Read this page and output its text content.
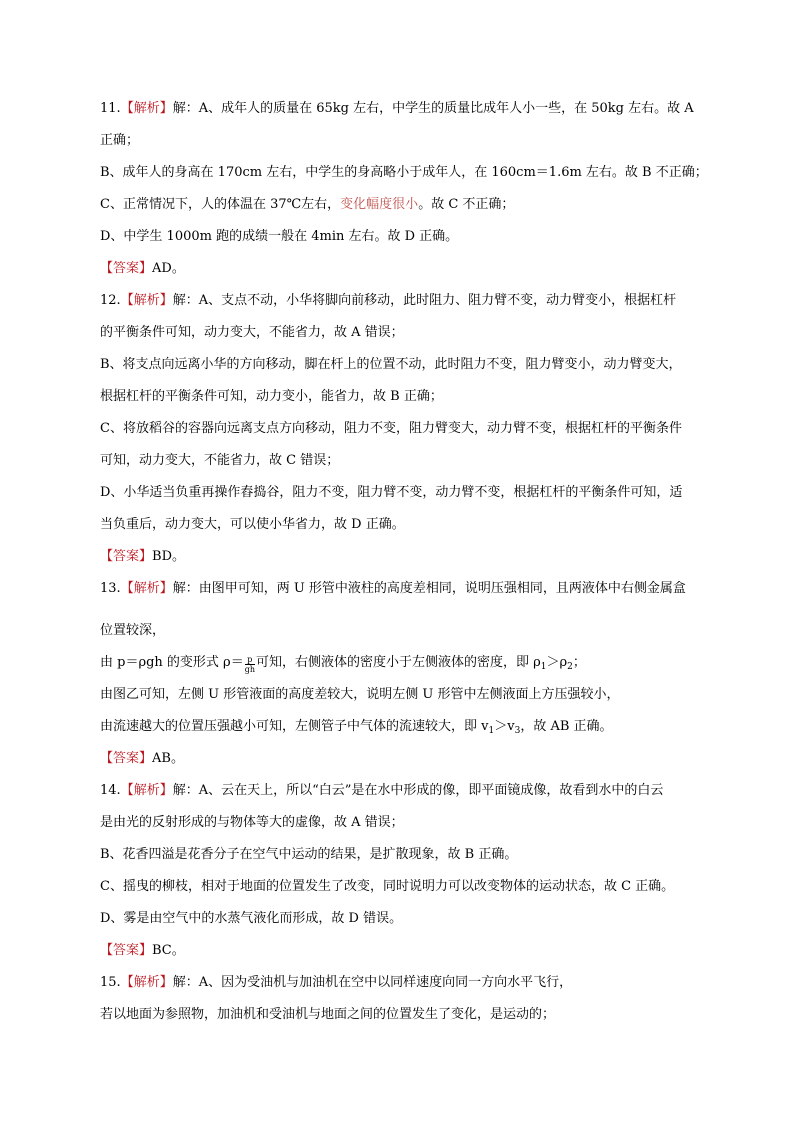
11.【解析】解：A、成年人的质量在 65kg 左右，中学生的质量比成年人小一些，在 50kg 左右。故 A
正确；
B、成年人的身高在 170cm 左右，中学生的身高略小于成年人，在 160cm＝1.6m 左右。故 B 不正确；
C、正常情况下，人的体温在 37℃左右，变化幅度很小。故 C 不正确；
D、中学生 1000m 跑的成绩一般在 4min 左右。故 D 正确。
【答案】AD。
12.【解析】解：A、支点不动，小华将脚向前移动，此时阻力、阻力臂不变，动力臂变小，根据杠杆
的平衡条件可知，动力变大，不能省力，故 A 错误；
B、将支点向远离小华的方向移动，脚在杆上的位置不动，此时阻力不变，阻力臂变小，动力臂变大，
根据杠杆的平衡条件可知，动力变小，能省力，故 B 正确；
C、将放稻谷的容器向远离支点方向移动，阻力不变，阻力臂变大，动力臂不变，根据杠杆的平衡条件
可知，动力变大，不能省力，故 C 错误；
D、小华适当负重再操作舂捣谷，阻力不变，阻力臂不变，动力臂不变，根据杠杆的平衡条件可知，适
当负重后，动力变大，可以使小华省力，故 D 正确。
【答案】BD。
13.【解析】解：由图甲可知，两 U 形管中液柱的高度差相同，说明压强相同，且两液体中右侧金属盒
位置较深，
由 p＝ρgh 的变形式 $\rho= \frac{p}{gh}$ 可知，右侧液体的密度小于左侧液体的密度，即 $\rho_1>\rho_2$；
由图乙可知，左侧 U 形管液面的高度差较大，说明左侧 U 形管中左侧液面上方压强较小，
由流速越大的位置压强越小可知，左侧管子中气体的流速较大，即 $v_1>v_3$，故 AB 正确。
【答案】AB。
14.【解析】解：A、云在天上，所以“白云”是在水中形成的像，即平面镜成像，故看到水中的白云
是由光的反射形成的与物体等大的虚像，故 A 错误；
B、花香四溢是花香分子在空气中运动的结果，是扩散现象，故 B 正确。
C、摇曳的柳枝，相对于地面的位置发生了改变，同时说明力可以改变物体的运动状态，故 C 正确。
D、雾是由空气中的水蒸气液化而形成，故 D 错误。
【答案】BC。
15.【解析】解：A、因为受油机与加油机在空中以同样速度向同一方向水平飞行，
若以地面为参照物，加油机和受油机与地面之间的位置发生了变化，是运动的；
